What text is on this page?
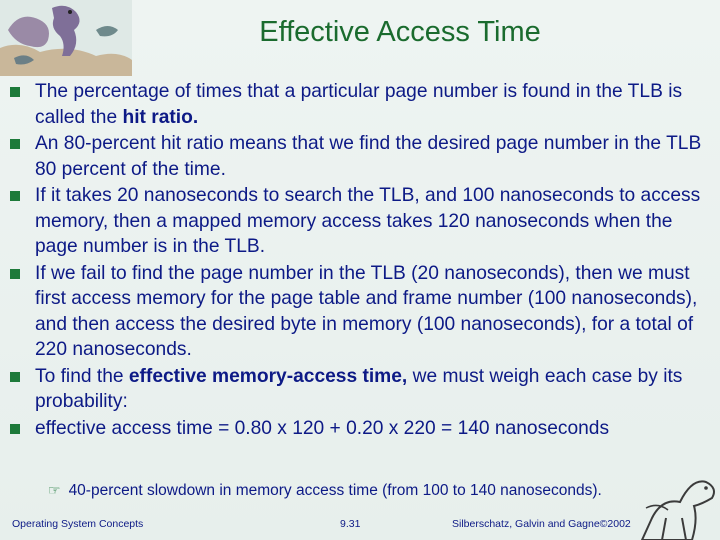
Effective Access Time
The percentage of times that a particular page number is found in the TLB is called the hit ratio.
An 80-percent hit ratio means that we find the desired page number in the TLB 80 percent of the time.
If it takes 20 nanoseconds to search the TLB, and 100 nanoseconds to access memory, then a mapped memory access takes 120 nanoseconds when the page number is in the TLB.
If we fail to find the page number in the TLB (20 nanoseconds), then we must first access memory for the page table and frame number (100 nanoseconds), and then access the desired byte in memory (100 nanoseconds), for a total of 220 nanoseconds.
To find the effective memory-access time, we must weigh each case by its probability:
effective access time = 0.80 x 120 + 0.20 x 220 = 140 nanoseconds
☞ 40-percent slowdown in memory access time (from 100 to 140 nanoseconds).
Operating System Concepts	9.31	Silberschatz, Galvin and Gagne©2002
